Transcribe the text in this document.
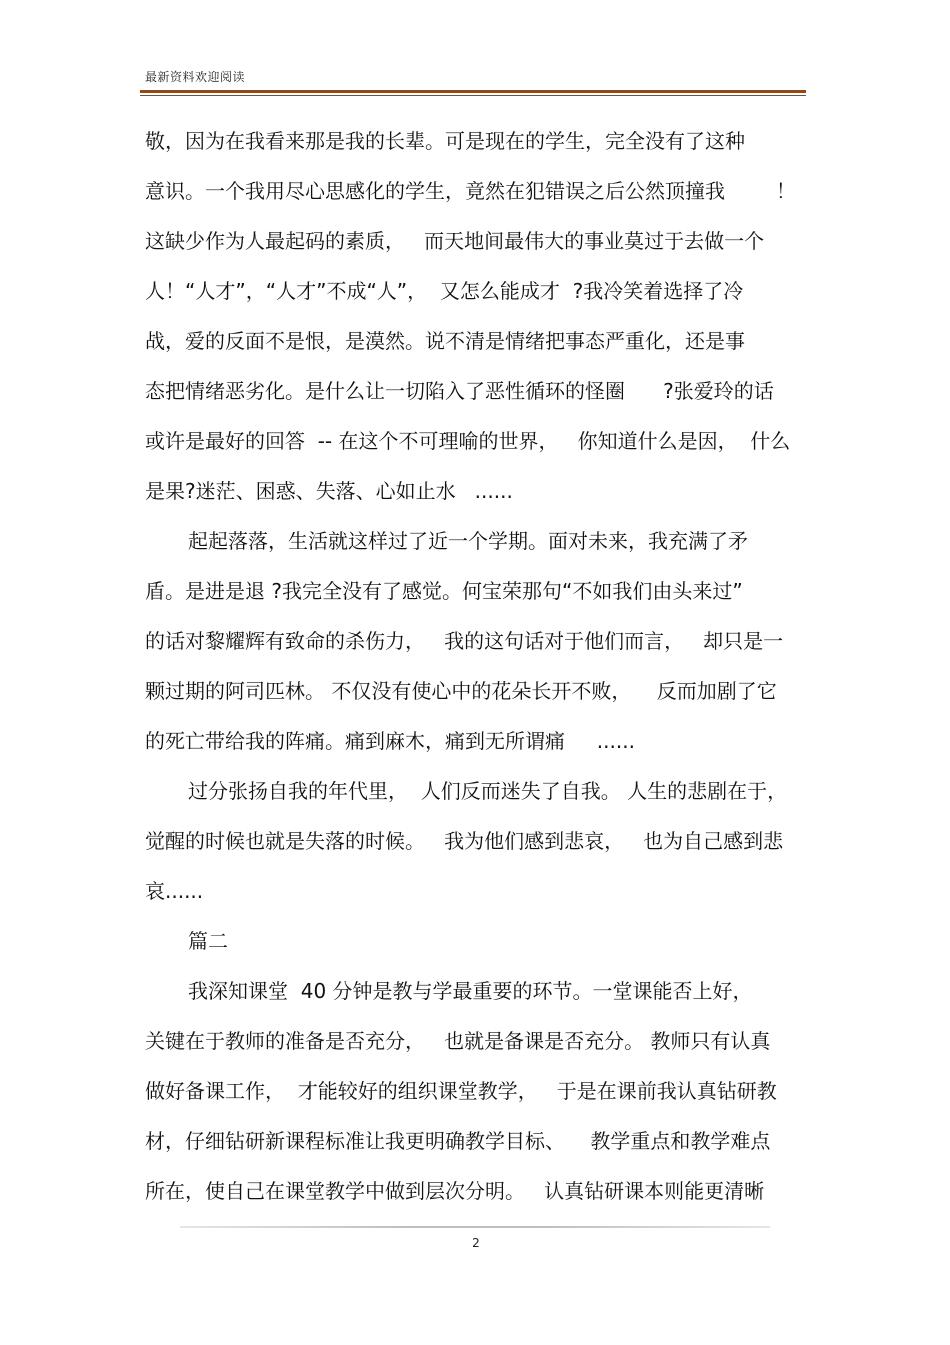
最新资料欢迎阅读
敬，因为在我看来那是我的长辈。可是现在的学生，完全没有了这种
意识。一个我用尽心思感化的学生，竟然在犯错误之后公然顶撞我        ！
这缺少作为人最起码的素质，   而天地间最伟大的事业莫过于去做一个
人！“人才”，“人才”不成“人”，  又怎么能成才  ?我冷笑着选择了冷
战，爱的反面不是恨，是漠然。说不清是情绪把事态严重化，还是事
态把情绪恶劣化。是什么让一切陷入了恶性循环的怪圈      ?张爱玲的话
或许是最好的回答  -- 在这个不可理喻的世界，   你知道什么是因，  什么
是果?迷茫、困惑、失落、心如止水   ......
起起落落，生活就这样过了近一个学期。面对未来，我充满了矛
盾。是进是退 ?我完全没有了感觉。何宝荣那句“不如我们由头来过”
的话对黎耀辉有致命的杀伤力，   我的这句话对于他们而言，   却只是一
颗过期的阿司匹林。 不仅没有使心中的花朵长开不败，    反而加剧了它
的死亡带给我的阵痛。痛到麻木，痛到无所谓痛     ......
过分张扬自我的年代里，  人们反而迷失了自我。 人生的悲剧在于，
觉醒的时候也就是失落的时候。   我为他们感到悲哀，   也为自己感到悲
哀......
篇二
我深知课堂  40 分钟是教与学最重要的环节。一堂课能否上好，
关键在于教师的准备是否充分，   也就是备课是否充分。 教师只有认真
做好备课工作，  才能较好的组织课堂教学，   于是在课前我认真钻研教
材，仔细钻研新课程标准让我更明确教学目标、    教学重点和教学难点
所在，使自己在课堂教学中做到层次分明。   认真钻研课本则能更清晰
2
